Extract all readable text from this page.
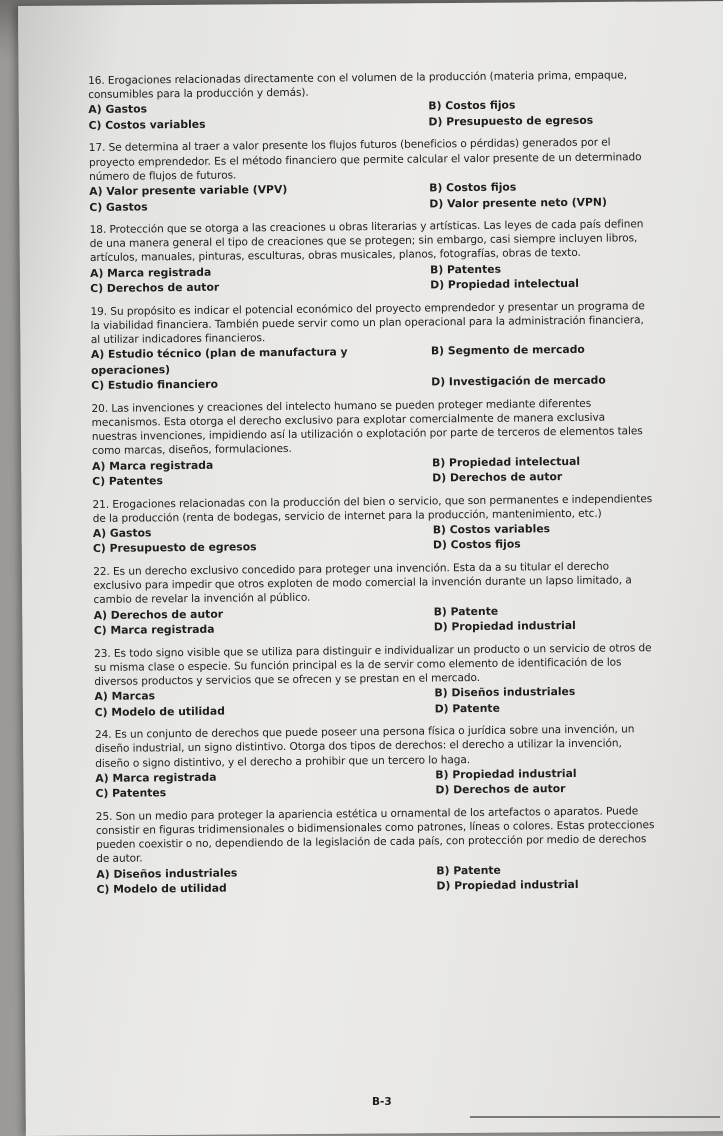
16. Erogaciones relacionadas directamente con el volumen de la producción (materia prima, empaque, consumibles para la producción y demás).

A) Gastos	B) Costos fijos
C) Costos variables	D) Presupuesto de egresos

17. Se determina al traer a valor presente los flujos futuros (beneficios o pérdidas) generados por el proyecto emprendedor. Es el método financiero que permite calcular el valor presente de un determinado número de flujos de futuros.

A) Valor presente variable (VPV)	B) Costos fijos
C) Gastos	D) Valor presente neto (VPN)

18. Protección que se otorga a las creaciones u obras literarias y artísticas. Las leyes de cada país definen de una manera general el tipo de creaciones que se protegen; sin embargo, casi siempre incluyen libros, artículos, manuales, pinturas, esculturas, obras musicales, planos, fotografías, obras de texto.

A) Marca registrada	B) Patentes
C) Derechos de autor	D) Propiedad intelectual

19. Su propósito es indicar el potencial económico del proyecto emprendedor y presentar un programa de la viabilidad financiera. También puede servir como un plan operacional para la administración financiera, al utilizar indicadores financieros.

A) Estudio técnico (plan de manufactura y operaciones)
B) Segmento de mercado
C) Estudio financiero	D) Investigación de mercado

20. Las invenciones y creaciones del intelecto humano se pueden proteger mediante diferentes mecanismos. Esta otorga el derecho exclusivo para explotar comercialmente de manera exclusiva nuestras invenciones, impidiendo así la utilización o explotación por parte de terceros de elementos tales como marcas, diseños, formulaciones.

A) Marca registrada	B) Propiedad intelectual
C) Patentes	D) Derechos de autor

21. Erogaciones relacionadas con la producción del bien o servicio, que son permanentes e independientes de la producción (renta de bodegas, servicio de internet para la producción, mantenimiento, etc.)

A) Gastos	B) Costos variables
C) Presupuesto de egresos	D) Costos fijos

22. Es un derecho exclusivo concedido para proteger una invención. Esta da a su titular el derecho exclusivo para impedir que otros exploten de modo comercial la invención durante un lapso limitado, a cambio de revelar la invención al público.

A) Derechos de autor	B) Patente
C) Marca registrada	D) Propiedad industrial

23. Es todo signo visible que se utiliza para distinguir e individualizar un producto o un servicio de otros de su misma clase o especie. Su función principal es la de servir como elemento de identificación de los diversos productos y servicios que se ofrecen y se prestan en el mercado.

A) Marcas	B) Diseños industriales
C) Modelo de utilidad	D) Patente

24. Es un conjunto de derechos que puede poseer una persona física o jurídica sobre una invención, un diseño industrial, un signo distintivo. Otorga dos tipos de derechos: el derecho a utilizar la invención, diseño o signo distintivo, y el derecho a prohibir que un tercero lo haga.

A) Marca registrada	B) Propiedad industrial
C) Patentes	D) Derechos de autor

25. Son un medio para proteger la apariencia estética u ornamental de los artefactos o aparatos. Puede consistir en figuras tridimensionales o bidimensionales como patrones, líneas o colores. Estas protecciones pueden coexistir o no, dependiendo de la legislación de cada país, con protección por medio de derechos de autor.

A) Diseños industriales	B) Patente
C) Modelo de utilidad	D) Propiedad industrial
B-3
